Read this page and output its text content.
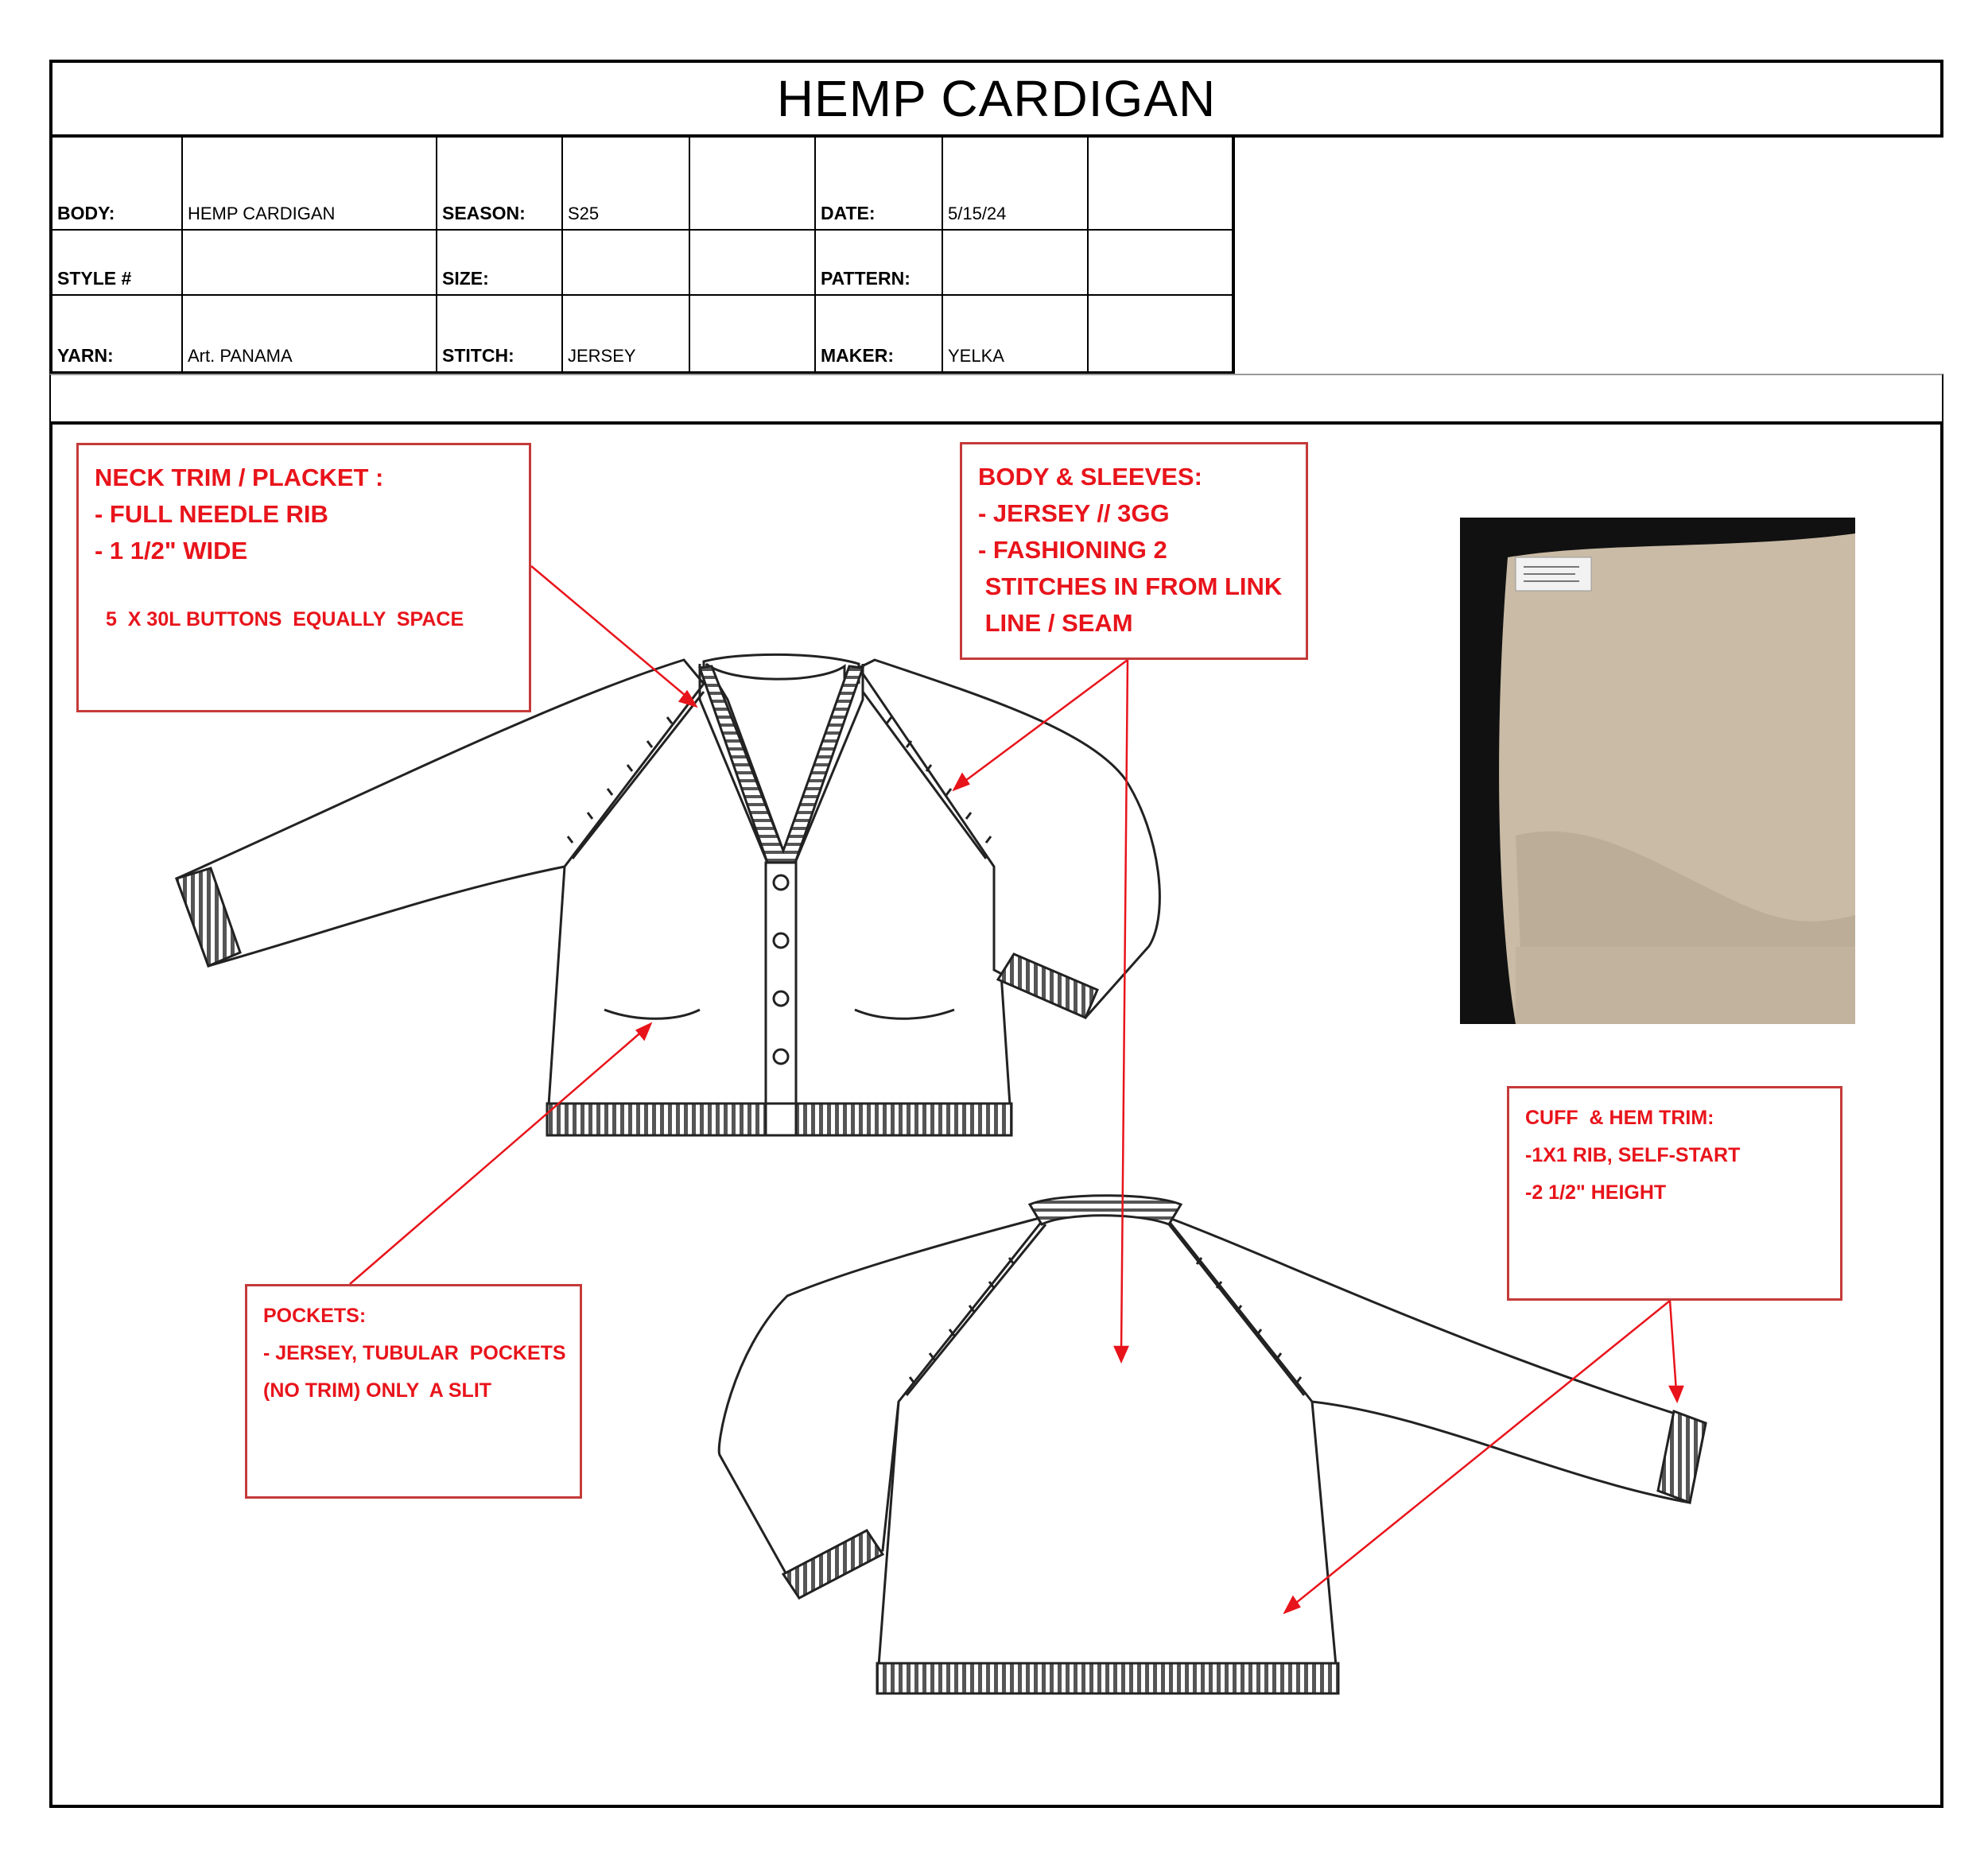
HEMP CARDIGAN
BODY:	HEMP CARDIGAN	SEASON:	S25		DATE:	5/15/24	
STYLE #		SIZE:			PATTERN:		
YARN:	Art. PANAMA	STITCH:	JERSEY		MAKER:	YELKA	
NECK TRIM / PLACKET :
- FULL NEEDLE RIB
- 1 1/2" WIDE
5  X 30L BUTTONS  EQUALLY  SPACE
BODY & SLEEVES:
- JERSEY // 3GG
- FASHIONING 2
STITCHES IN FROM LINK
LINE / SEAM
POCKETS:
- JERSEY, TUBULAR  POCKETS
(NO TRIM) ONLY  A SLIT
CUFF  & HEM TRIM:
-1X1 RIB, SELF-START
-2 1/2" HEIGHT
